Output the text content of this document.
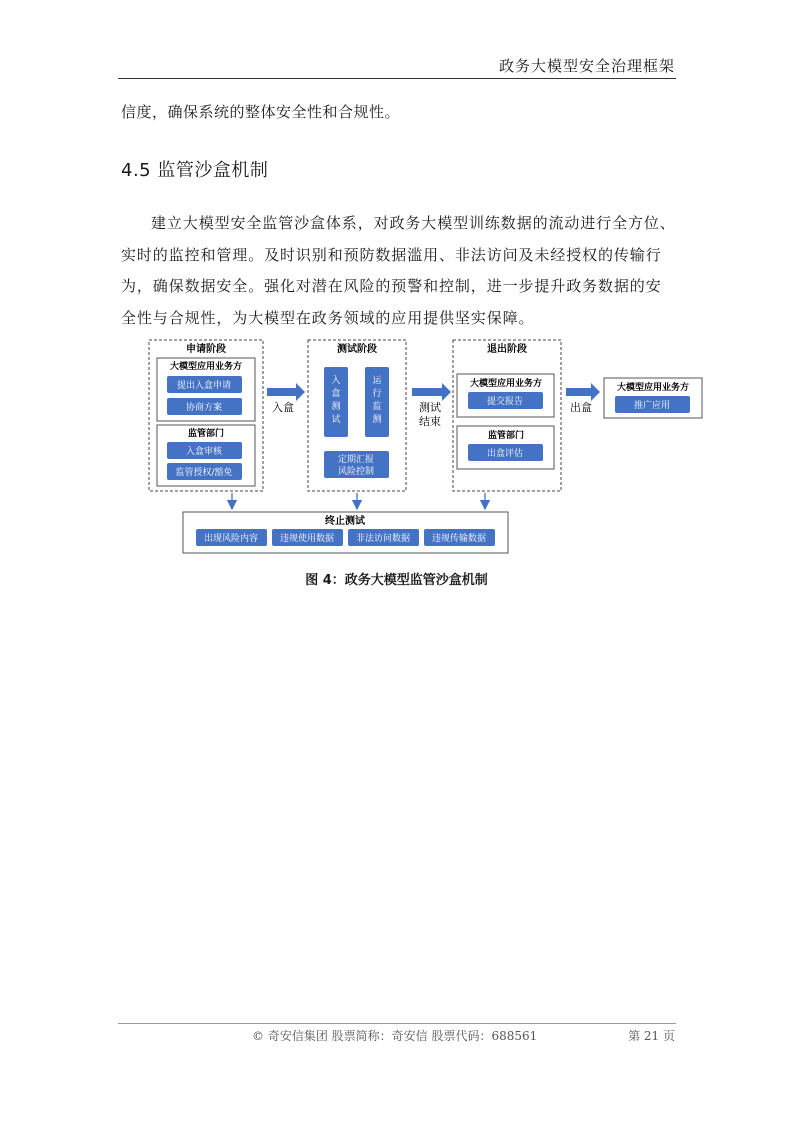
政务大模型安全治理框架
信度，确保系统的整体安全性和合规性。
4.5 监管沙盒机制
建立大模型安全监管沙盒体系，对政务大模型训练数据的流动进行全方位、
实时的监控和管理。及时识别和预防数据滥用、非法访问及未经授权的传输行
为，确保数据安全。强化对潜在风险的预警和控制，进一步提升政务数据的安
全性与合规性，为大模型在政务领域的应用提供坚实保障。
申请阶段
大模型应用业务方
提出入盒申请
协商方案
监管部门
入盒审核
监管授权/豁免
入盒
测试阶段
入
盒
测
试
运
行
监
测
定期汇报
风险控制
测试
结束
退出阶段
大模型应用业务方
提交报告
监管部门
出盒评估
出盒
大模型应用业务方
推广应用
终止测试
出现风险内容 违规使用数据 非法访问数据 违规传输数据
图 4：政务大模型监管沙盒机制
© 奇安信集团 股票简称：奇安信 股票代码：688561	第 21 页
